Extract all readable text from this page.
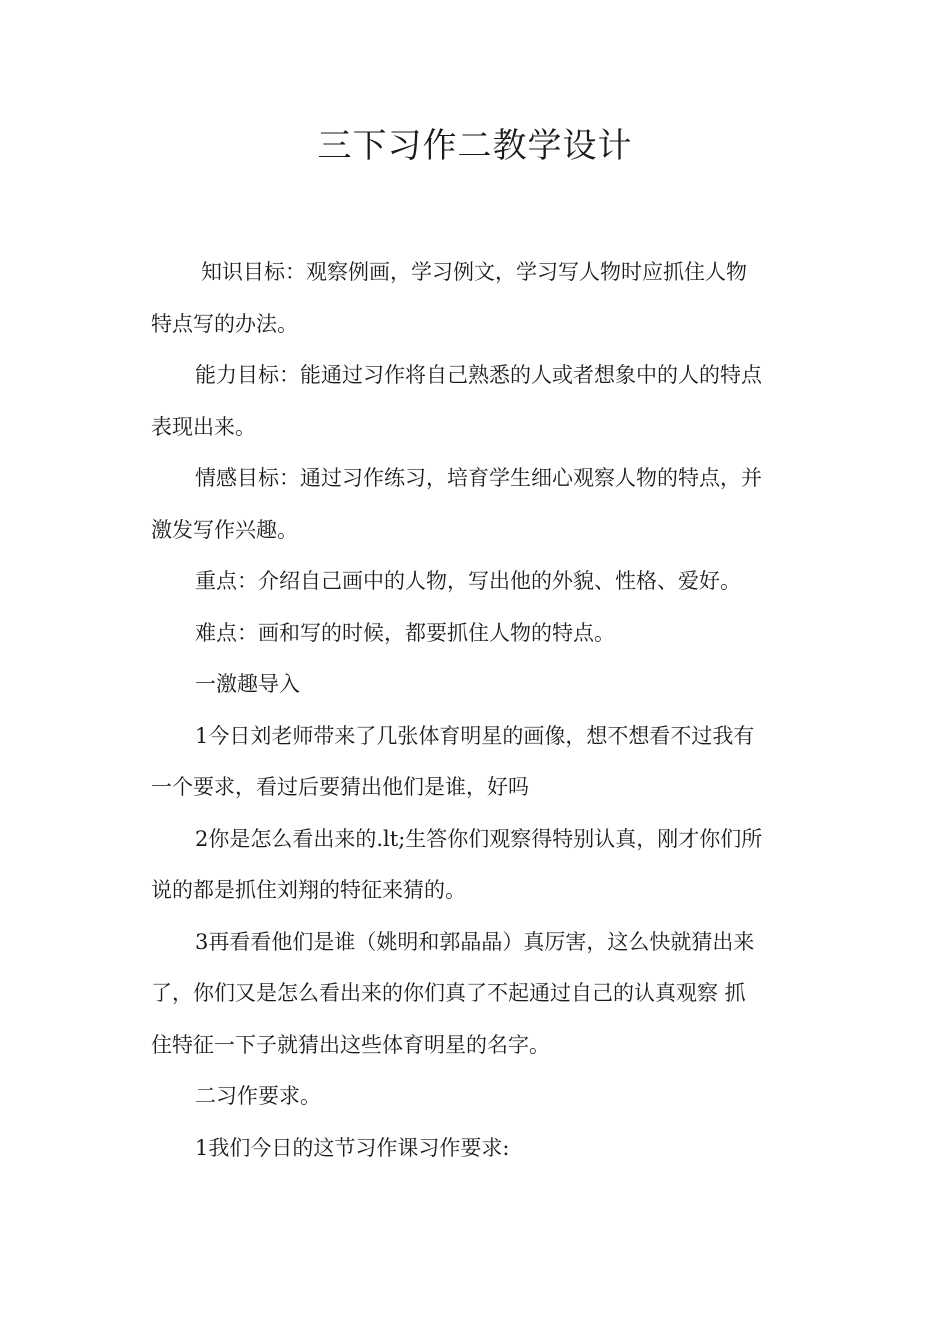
三下习作二教学设计
知识目标：观察例画，学习例文，学习写人物时应抓住人物
特点写的办法。
能力目标：能通过习作将自己熟悉的人或者想象中的人的特点
表现出来。
情感目标：通过习作练习，培育学生细心观察人物的特点，并
激发写作兴趣。
重点：介绍自己画中的人物，写出他的外貌、性格、爱好。
难点：画和写的时候，都要抓住人物的特点。
一激趣导入
1今日刘老师带来了几张体育明星的画像，想不想看不过我有
一个要求，看过后要猜出他们是谁，好吗
2你是怎么看出来的.lt;生答你们观察得特别认真，刚才你们所
说的都是抓住刘翔的特征来猜的。
3再看看他们是谁（姚明和郭晶晶）真厉害，这么快就猜出来
了，你们又是怎么看出来的你们真了不起通过自己的认真观察 抓
住特征一下子就猜出这些体育明星的名字。
二习作要求。
1我们今日的这节习作课习作要求:
